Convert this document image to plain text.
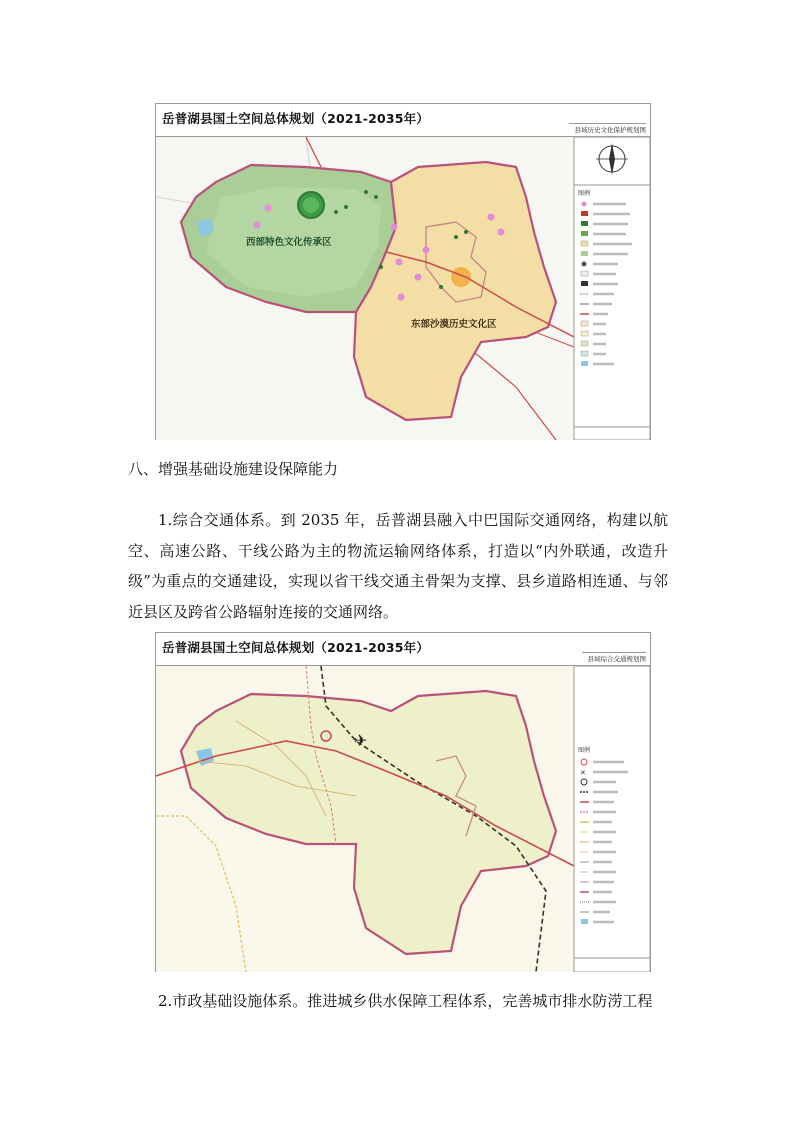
岳普湖县国土空间总体规划（2021-2035年）
县域历史文化保护规划图
西部特色文化传承区
东部沙漠历史文化区
图例
八、增强基础设施建设保障能力
1.综合交通体系。到 2035 年，岳普湖县融入中巴国际交通网络，构建以航空、高速公路、干线公路为主的物流运输网络体系，打造以“内外联通，改造升级”为重点的交通建设，实现以省干线交通主骨架为支撑、县乡道路相连通、与邻近县区及跨省公路辐射连接的交通网络。
岳普湖县国土空间总体规划（2021-2035年）
县域综合交通规划图
✈
图例
✕
2.市政基础设施体系。推进城乡供水保障工程体系，完善城市排水防涝工程
